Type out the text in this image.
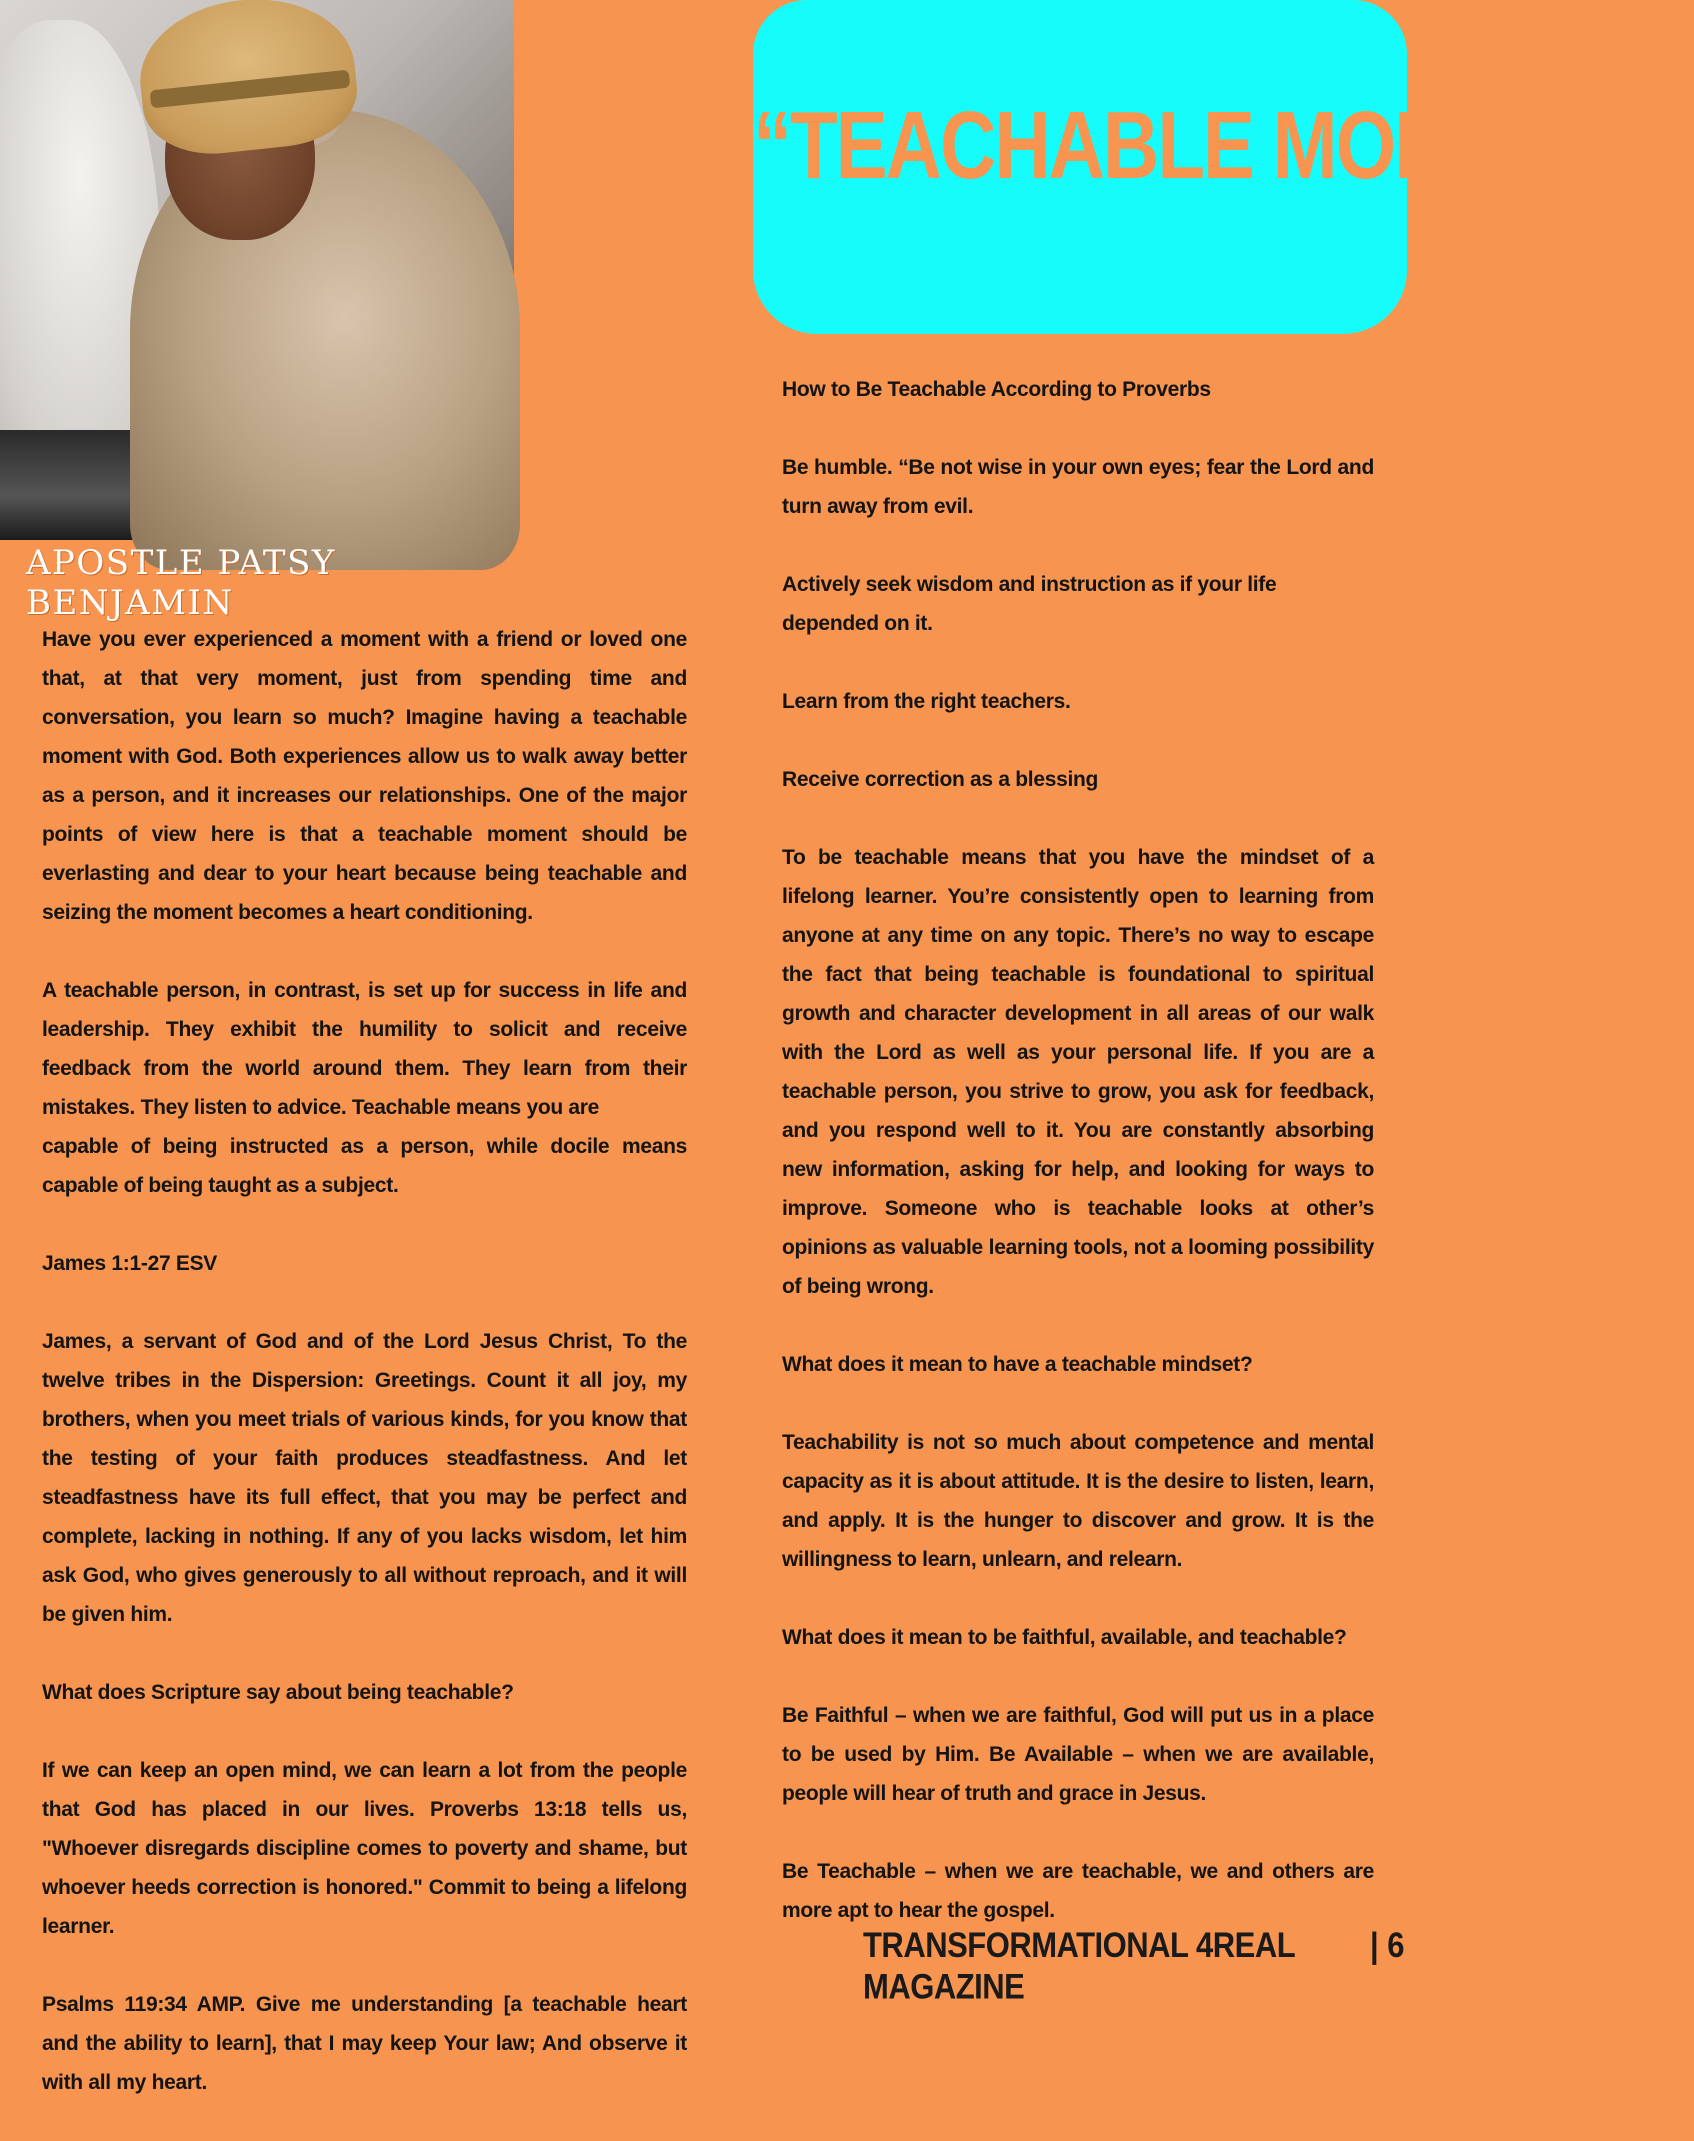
APOSTLE PATSY BENJAMIN

“TEACHABLE MOMENTS”

Have you ever experienced a moment with a friend or loved one that, at that very moment, just from spending time and conversation, you learn so much? Imagine having a teachable moment with God. Both experiences allow us to walk away better as a person, and it increases our relationships. One of the major points of view here is that a teachable moment should be everlasting and dear to your heart because being teachable and seizing the moment becomes a heart conditioning.

A teachable person, in contrast, is set up for success in life and leadership. They exhibit the humility to solicit and receive feedback from the world around them. They learn from their mistakes. They listen to advice. Teachable means you are

capable of being instructed as a person, while docile means capable of being taught as a subject.

James 1:1-27 ESV

James, a servant of God and of the Lord Jesus Christ, To the twelve tribes in the Dispersion: Greetings. Count it all joy, my brothers, when you meet trials of various kinds, for you know that the testing of your faith produces steadfastness. And let steadfastness have its full effect, that you may be perfect and complete, lacking in nothing. If any of you lacks wisdom, let him ask God, who gives generously to all without reproach, and it will be given him.

What does Scripture say about being teachable?

If we can keep an open mind, we can learn a lot from the people that God has placed in our lives. Proverbs 13:18 tells us, "Whoever disregards discipline comes to poverty and shame, but whoever heeds correction is honored." Commit to being a lifelong learner.

Psalms 119:34 AMP. Give me understanding [a teachable heart and the ability to learn], that I may keep Your law; And observe it with all my heart.

How to Be Teachable According to Proverbs

Be humble. “Be not wise in your own eyes; fear the Lord and turn away from evil.

Actively seek wisdom and instruction as if your life depended on it.

Learn from the right teachers.

Receive correction as a blessing

To be teachable means that you have the mindset of a lifelong learner. You’re consistently open to learning from anyone at any time on any topic. There’s no way to escape the fact that being teachable is foundational to spiritual growth and character development in all areas of our walk with the Lord as well as your personal life. If you are a teachable person, you strive to grow, you ask for feedback, and you respond well to it. You are constantly absorbing new information, asking for help, and looking for ways to improve. Someone who is teachable looks at other’s opinions as valuable learning tools, not a looming possibility of being wrong.

What does it mean to have a teachable mindset?

Teachability is not so much about competence and mental capacity as it is about attitude. It is the desire to listen, learn, and apply. It is the hunger to discover and grow. It is the willingness to learn, unlearn, and relearn.

What does it mean to be faithful, available, and teachable?

Be Faithful – when we are faithful, God will put us in a place to be used by Him. Be Available – when we are available, people will hear of truth and grace in Jesus.

Be Teachable – when we are teachable, we and others are more apt to hear the gospel.

TRANSFORMATIONAL 4REAL MAGAZINE
| 6
